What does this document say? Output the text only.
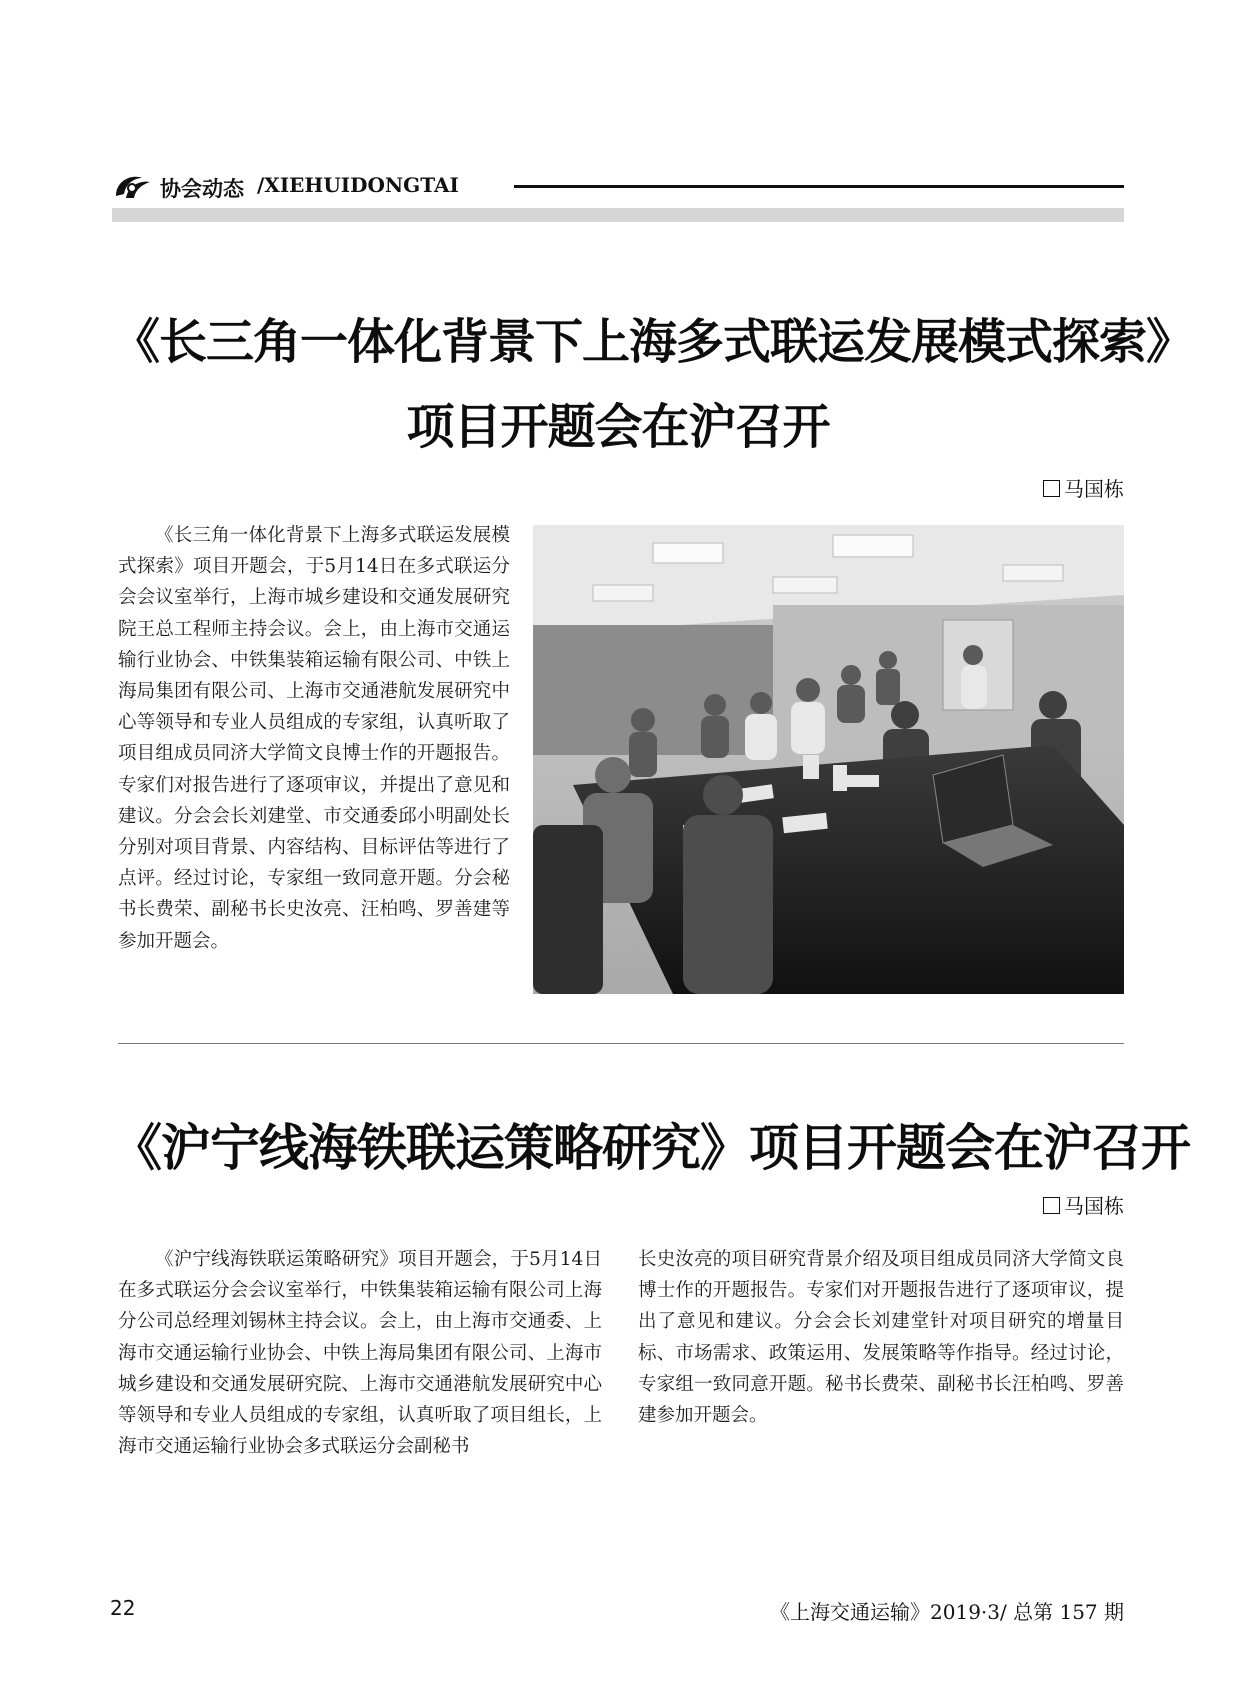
协会动态 /XIEHUIDONGTAI
《长三角一体化背景下上海多式联运发展模式探索》
项目开题会在沪召开
马国栋

《长三角一体化背景下上海多式联运发展模式探索》项目开题会，于5月14日在多式联运分会会议室举行，上海市城乡建设和交通发展研究院王总工程师主持会议。会上，由上海市交通运输行业协会、中铁集装箱运输有限公司、中铁上海局集团有限公司、上海市交通港航发展研究中心等领导和专业人员组成的专家组，认真听取了项目组成员同济大学简文良博士作的开题报告。专家们对报告进行了逐项审议，并提出了意见和建议。分会会长刘建堂、市交通委邱小明副处长分别对项目背景、内容结构、目标评估等进行了点评。经过讨论，专家组一致同意开题。分会秘书长费荣、副秘书长史汝亮、汪柏鸣、罗善建等参加开题会。

《沪宁线海铁联运策略研究》项目开题会在沪召开
马国栋

《沪宁线海铁联运策略研究》项目开题会，于5月14日在多式联运分会会议室举行，中铁集装箱运输有限公司上海分公司总经理刘锡林主持会议。会上，由上海市交通委、上海市交通运输行业协会、中铁上海局集团有限公司、上海市城乡建设和交通发展研究院、上海市交通港航发展研究中心等领导和专业人员组成的专家组，认真听取了项目组长，上海市交通运输行业协会多式联运分会副秘书

长史汝亮的项目研究背景介绍及项目组成员同济大学简文良博士作的开题报告。专家们对开题报告进行了逐项审议，提出了意见和建议。分会会长刘建堂针对项目研究的增量目标、市场需求、政策运用、发展策略等作指导。经过讨论，专家组一致同意开题。秘书长费荣、副秘书长汪柏鸣、罗善建参加开题会。

22	《上海交通运输》2019·3/ 总第 157 期
